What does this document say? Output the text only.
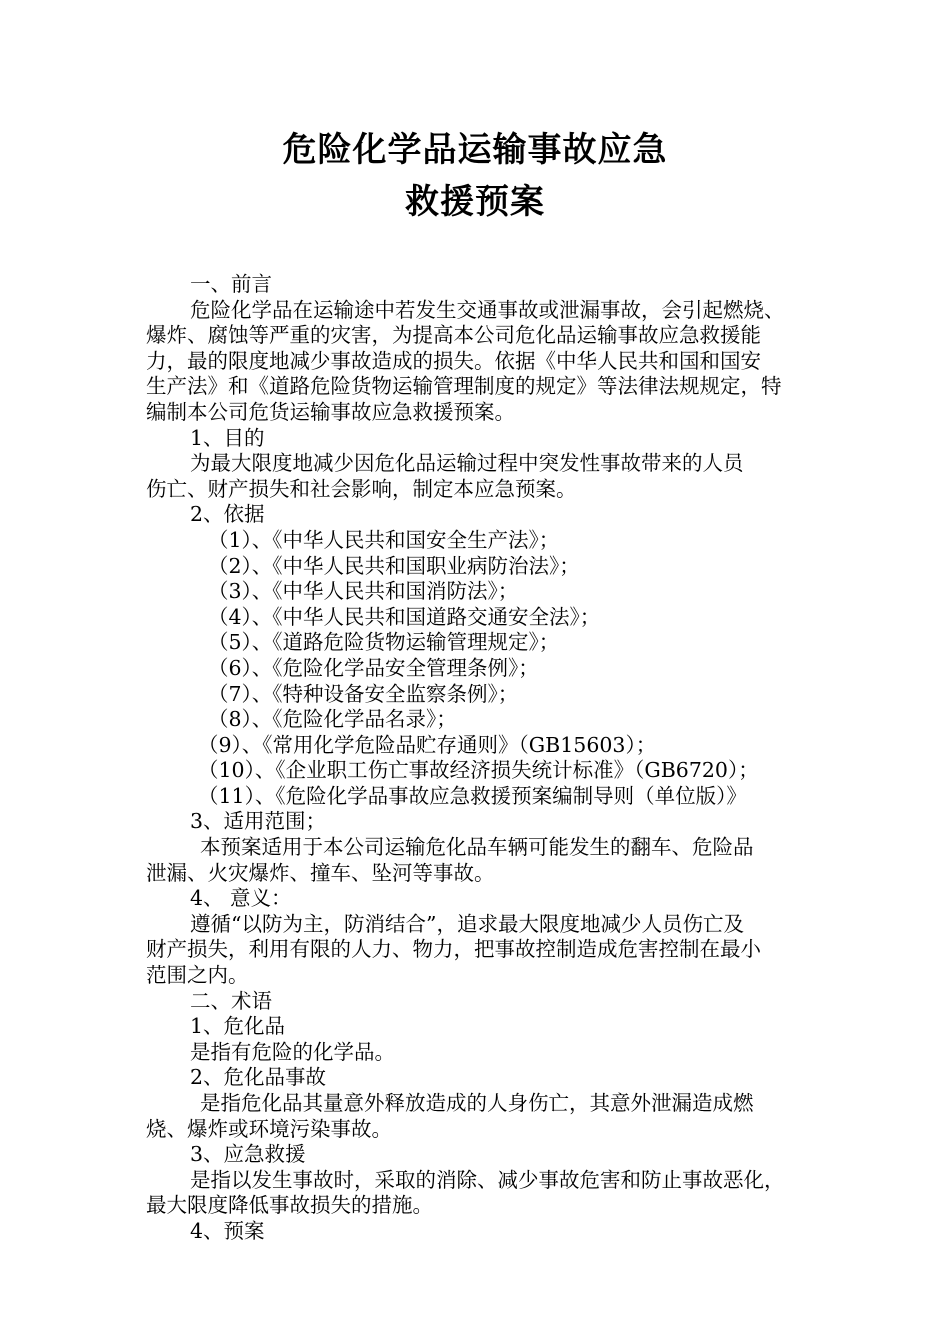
危险化学品运输事故应急
救援预案
一、前言
危险化学品在运输途中若发生交通事故或泄漏事故，会引起燃烧、
爆炸、腐蚀等严重的灾害，为提高本公司危化品运输事故应急救援能
力，最的限度地减少事故造成的损失。依据《中华人民共和国和国安
生产法》和《道路危险货物运输管理制度的规定》等法律法规规定，特
编制本公司危货运输事故应急救援预案。
1、目的
为最大限度地减少因危化品运输过程中突发性事故带来的人员
伤亡、财产损失和社会影响，制定本应急预案。
2、依据
（1）、《中华人民共和国安全生产法》；
（2）、《中华人民共和国职业病防治法》；
（3）、《中华人民共和国消防法》；
（4）、《中华人民共和国道路交通安全法》；
（5）、《道路危险货物运输管理规定》；
（6）、《危险化学品安全管理条例》；
（7）、《特种设备安全监察条例》；
（8）、《危险化学品名录》；
（9）、《常用化学危险品贮存通则》（GB15603）；
（10）、《企业职工伤亡事故经济损失统计标准》（GB6720）；
（11）、《危险化学品事故应急救援预案编制导则（单位版）》
3、适用范围；
本预案适用于本公司运输危化品车辆可能发生的翻车、危险品
泄漏、火灾爆炸、撞车、坠河等事故。
4、 意义：
遵循“以防为主，防消结合”，追求最大限度地减少人员伤亡及
财产损失，利用有限的人力、物力，把事故控制造成危害控制在最小
范围之内。
二、术语
1、危化品
是指有危险的化学品。
2、危化品事故
是指危化品其量意外释放造成的人身伤亡，其意外泄漏造成燃
烧、爆炸或环境污染事故。
3、应急救援
是指以发生事故时，采取的消除、减少事故危害和防止事故恶化，
最大限度降低事故损失的措施。
4、预案
